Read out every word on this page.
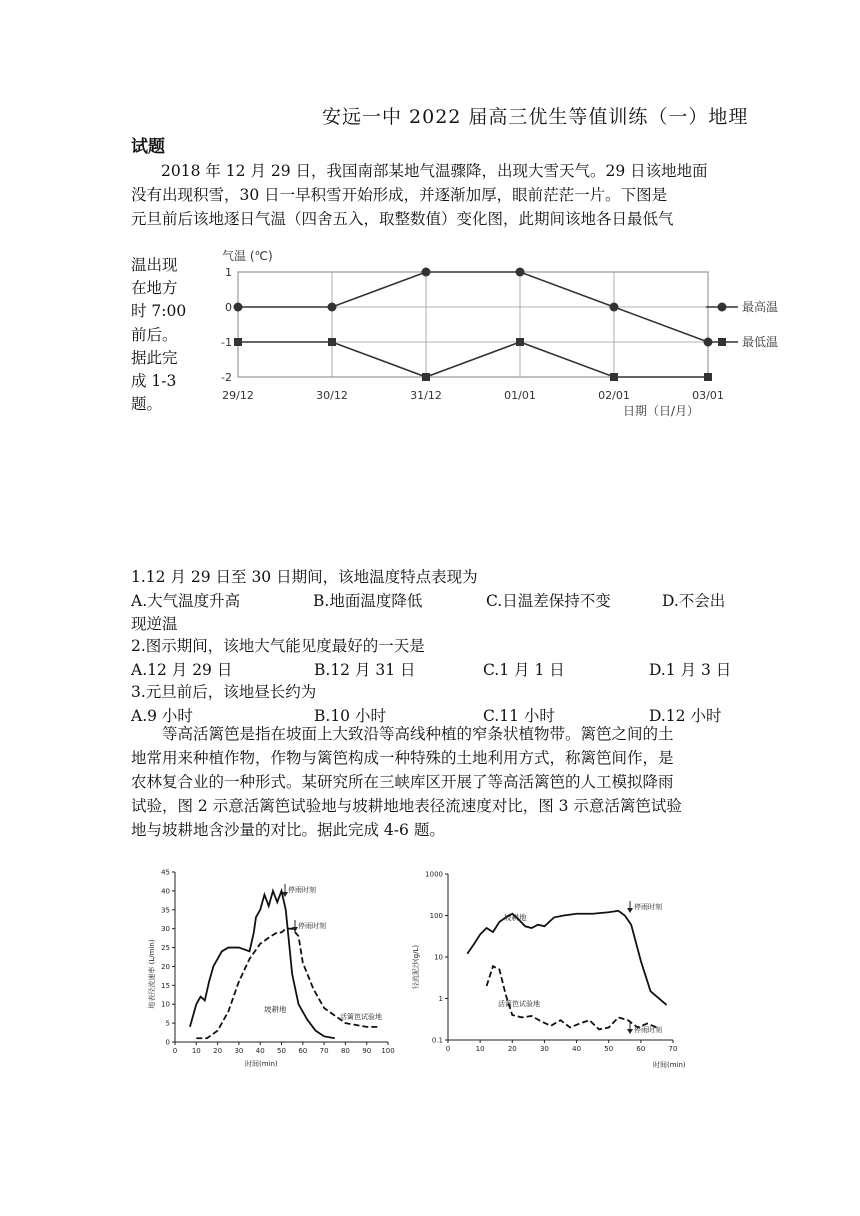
安远一中 2022 届高三优生等值训练（一）地理
试题
2018 年 12 月 29 日，我国南部某地气温骤降，出现大雪天气。29 日该地地面
没有出现积雪，30 日一早积雪开始形成，并逐渐加厚，眼前茫茫一片。下图是
元旦前后该地逐日气温（四舍五入，取整数值）变化图，此期间该地各日最低气
温出现
在地方
时 7:00
前后。
据此完
成 1-3
题。
气温 (℃)
1
0
-1
-2
29/12	30/12	31/12	01/01	02/01	03/01
日期（日/月）
最高温
最低温
1.12 月 29 日至 30 日期间，该地温度特点表现为
A.大气温度升高	B.地面温度降低	C.日温差保持不变	D.不会出
现逆温
2.图示期间，该地大气能见度最好的一天是
A.12 月 29 日	B.12 月 31 日	C.1 月 1 日	D.1 月 3 日
3.元旦前后，该地昼长约为
A.9 小时	B.10 小时	C.11 小时	D.12 小时
等高活篱笆是指在坡面上大致沿等高线种植的窄条状植物带。篱笆之间的土
地常用来种植作物，作物与篱笆构成一种特殊的土地利用方式，称篱笆间作，是
农林复合业的一种形式。某研究所在三峡库区开展了等高活篱笆的人工模拟降雨
试验，图 2 示意活篱笆试验地与坡耕地地表径流速度对比，图 3 示意活篱笆试验
地与坡耕地含沙量的对比。据此完成 4-6 题。
地表径流速率 (L/min)
0
5
10
15
20
25
30
35
40
45
0 10 20 30 40 50 60 70 80 90 100
时间(min)
停雨时刻
停雨时刻
坡耕地
活篱笆试验地
径流泥沙(g/L)
0.1
1
10
100
1000
0	10	20	30	40	50	60	70
时间(min)
停雨时刻
停雨时刻
坡耕地
活篱笆试验地
